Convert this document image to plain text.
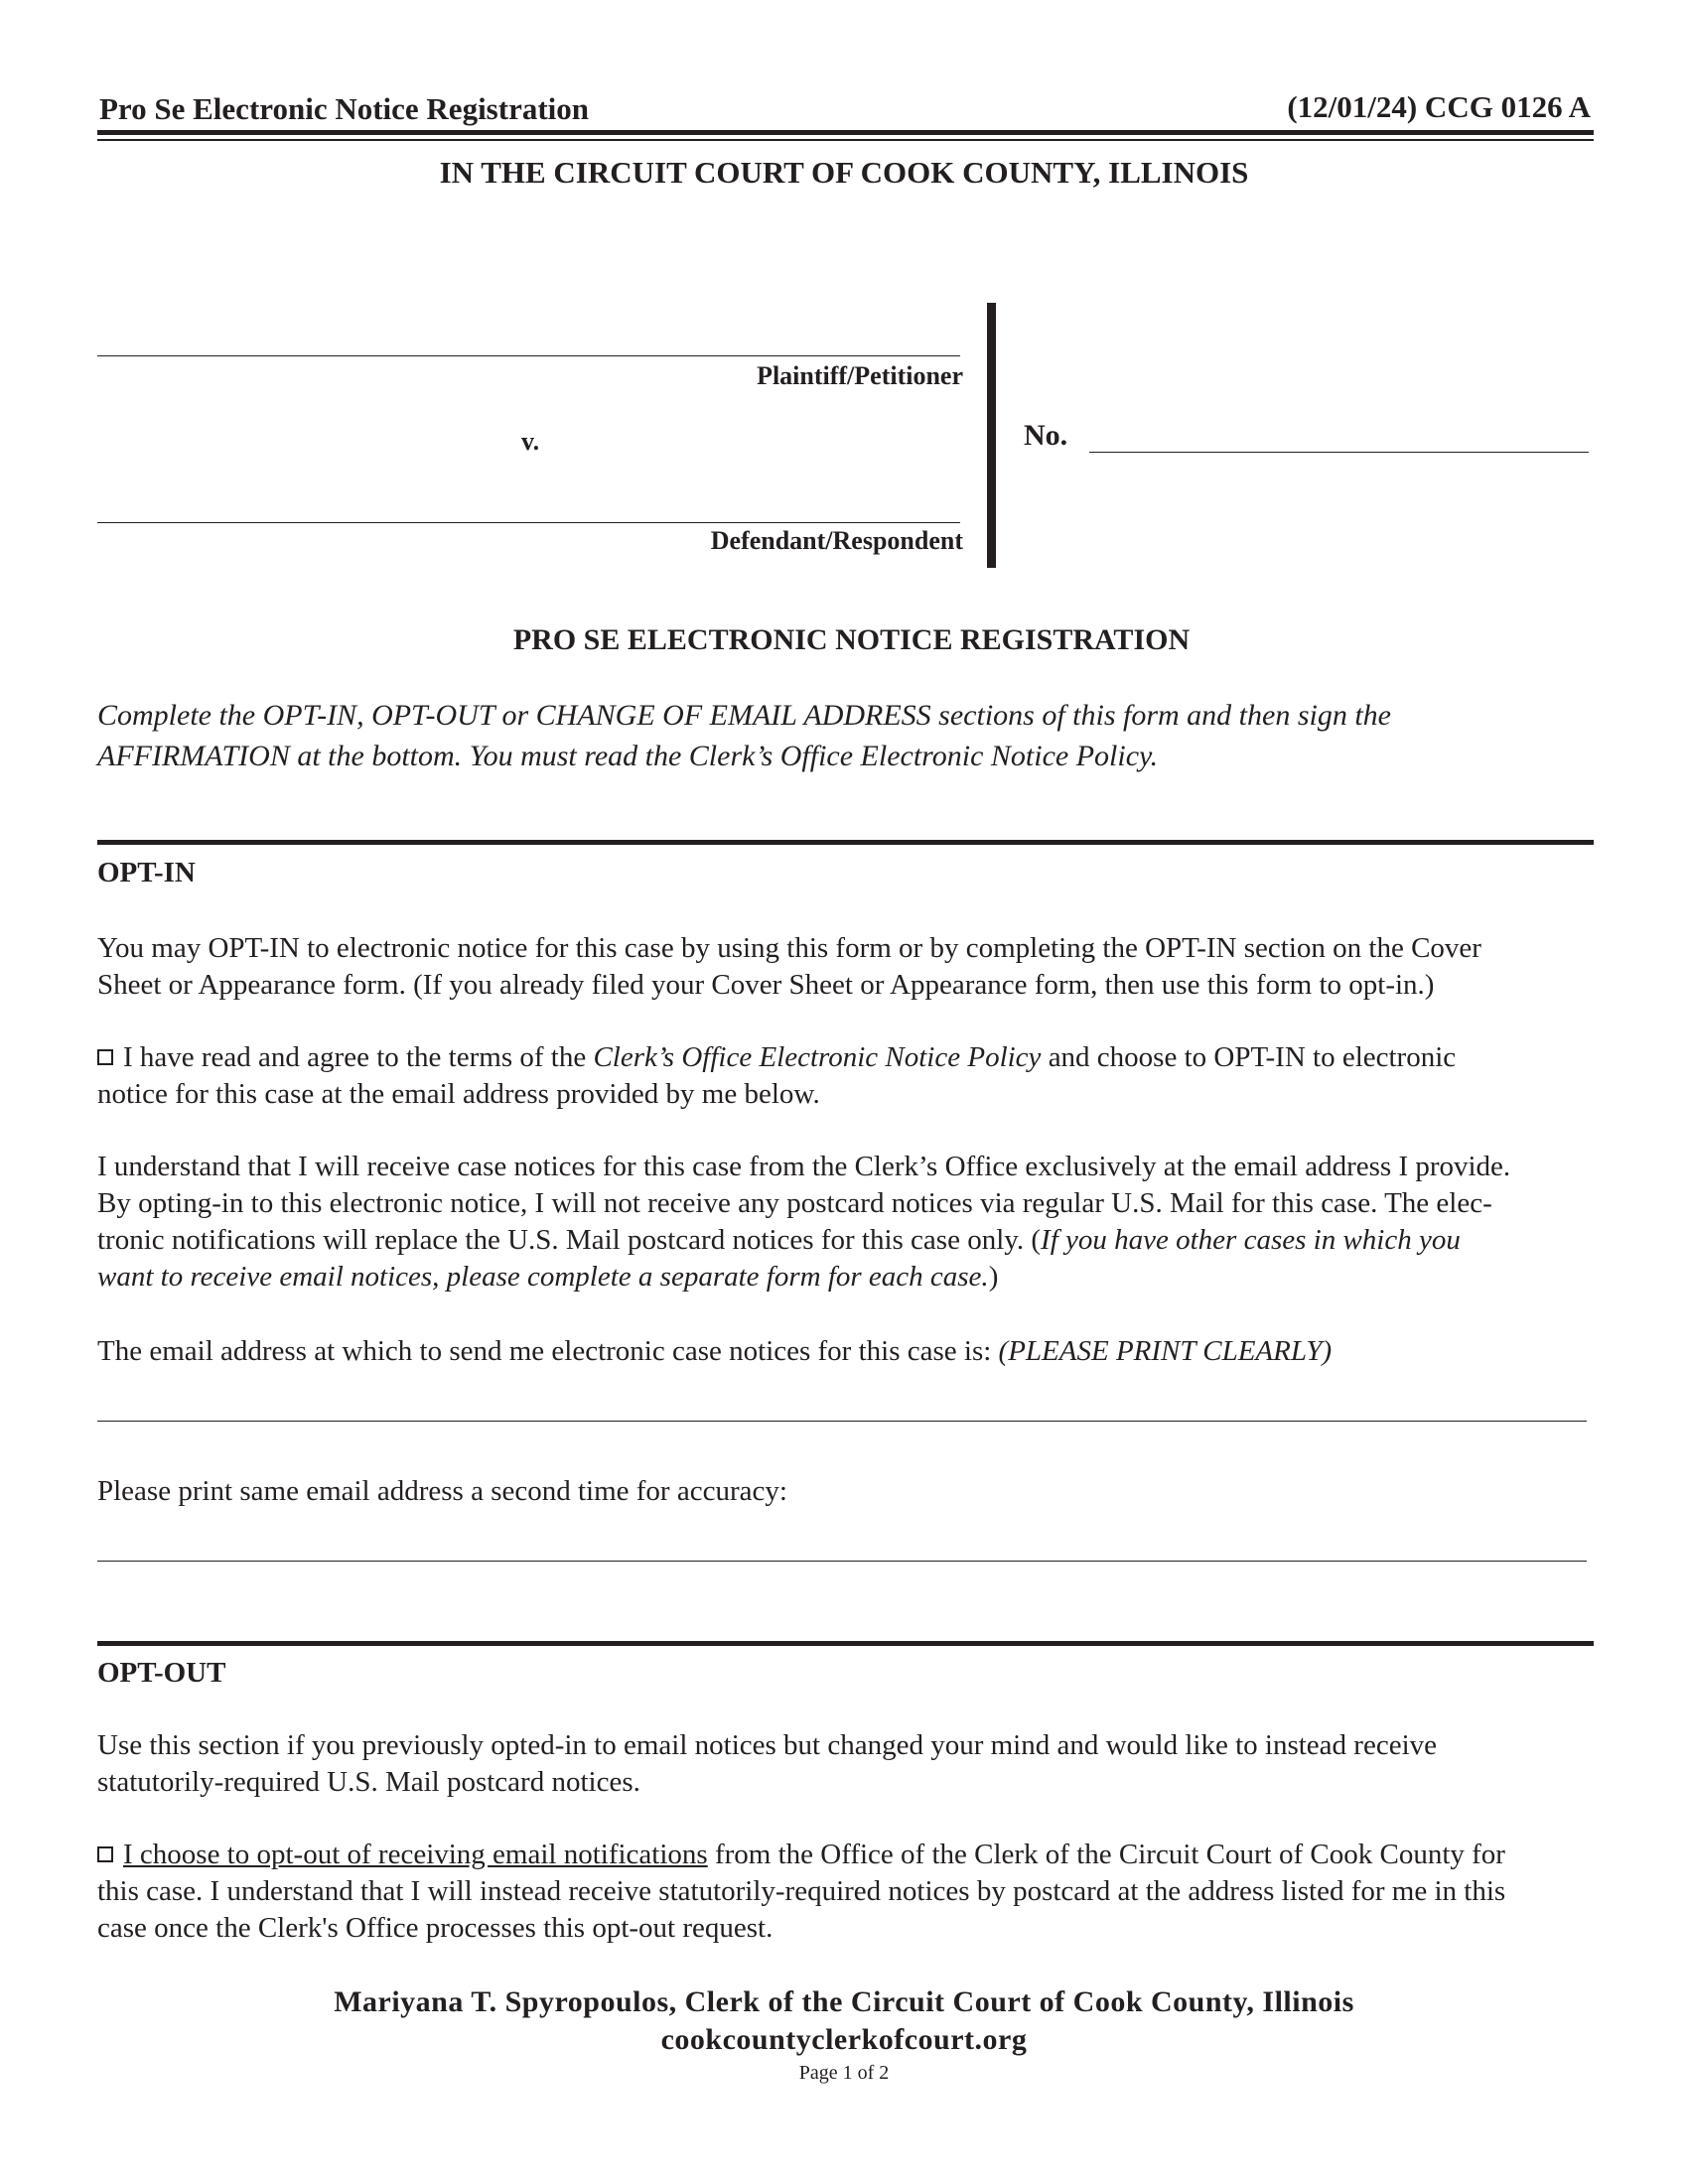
Pro Se Electronic Notice Registration	(12/01/24) CCG 0126 A
IN THE CIRCUIT COURT OF COOK COUNTY, ILLINOIS
Plaintiff/Petitioner
v.
Defendant/Respondent
No.
PRO SE ELECTRONIC NOTICE REGISTRATION
Complete the OPT-IN, OPT-OUT or CHANGE OF EMAIL ADDRESS sections of this form and then sign the
AFFIRMATION at the bottom. You must read the Clerk’s Office Electronic Notice Policy.
OPT-IN
You may OPT-IN to electronic notice for this case by using this form or by completing the OPT-IN section on the Cover
Sheet or Appearance form. (If you already filed your Cover Sheet or Appearance form, then use this form to opt-in.)
I have read and agree to the terms of the Clerk’s Office Electronic Notice Policy and choose to OPT-IN to electronic
notice for this case at the email address provided by me below.
I understand that I will receive case notices for this case from the Clerk’s Office exclusively at the email address I provide.
By opting-in to this electronic notice, I will not receive any postcard notices via regular U.S. Mail for this case. The elec-
tronic notifications will replace the U.S. Mail postcard notices for this case only. (If you have other cases in which you
want to receive email notices, please complete a separate form for each case.)
The email address at which to send me electronic case notices for this case is: (PLEASE PRINT CLEARLY)
Please print same email address a second time for accuracy:
OPT-OUT
Use this section if you previously opted-in to email notices but changed your mind and would like to instead receive
statutorily-required U.S. Mail postcard notices.
I choose to opt-out of receiving email notifications from the Office of the Clerk of the Circuit Court of Cook County for
this case. I understand that I will instead receive statutorily-required notices by postcard at the address listed for me in this
case once the Clerk's Office processes this opt-out request.
Mariyana T. Spyropoulos, Clerk of the Circuit Court of Cook County, Illinois
cookcountyclerkofcourt.org
Page 1 of 2
